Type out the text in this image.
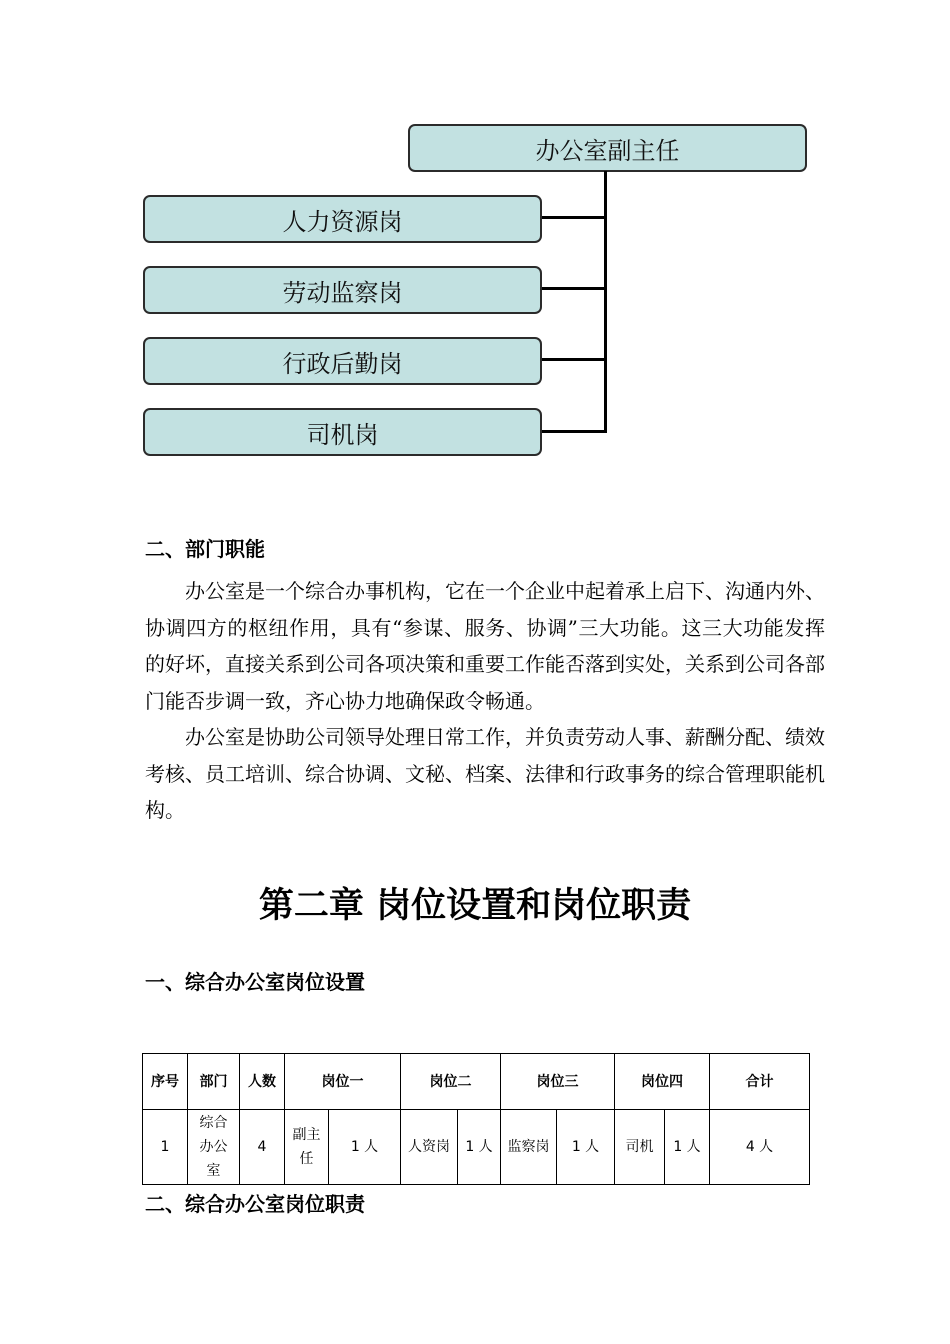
办公室副主任
人力资源岗
劳动监察岗
行政后勤岗
司机岗
二、部门职能

办公室是一个综合办事机构，它在一个企业中起着承上启下、沟通内外、协调四方的枢纽作用，具有“参谋、服务、协调”三大功能。这三大功能发挥的好坏，直接关系到公司各项决策和重要工作能否落到实处，关系到公司各部门能否步调一致，齐心协力地确保政令畅通。

办公室是协助公司领导处理日常工作，并负责劳动人事、薪酬分配、绩效考核、员工培训、综合协调、文秘、档案、法律和行政事务的综合管理职能机构。

第二章 岗位设置和岗位职责
一、综合办公室岗位设置
序号	部门	人数	岗位一		岗位二		岗位三		岗位四		合计
1	综合办公室	4	副主任	1 人	人资岗	1 人	监察岗	1 人	司机	1 人	4 人
二、综合办公室岗位职责
